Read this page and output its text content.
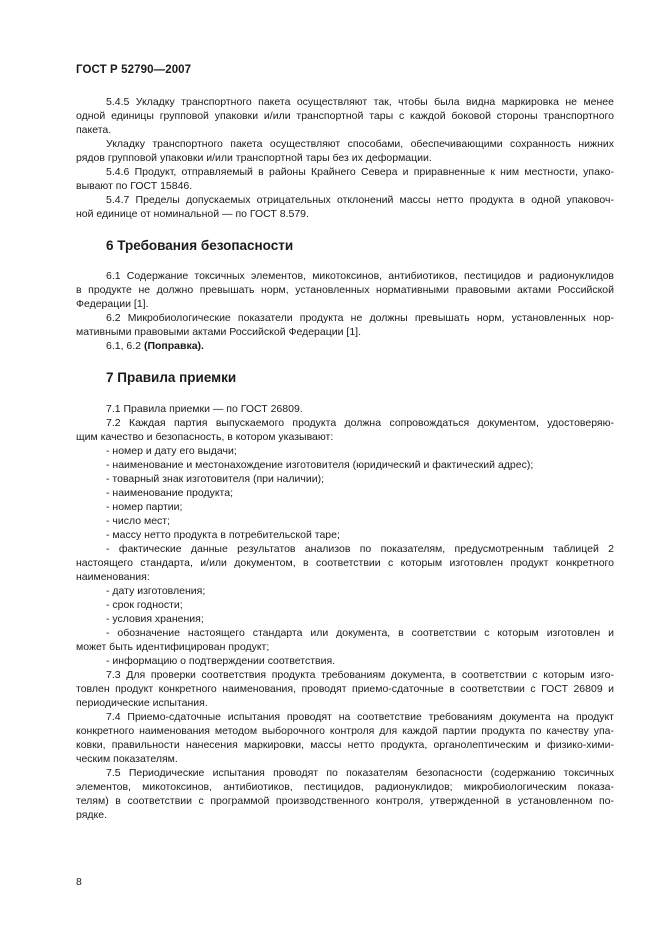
ГОСТ Р 52790—2007
5.4.5 Укладку транспортного пакета осуществляют так, чтобы была видна маркировка не менее
одной единицы групповой упаковки и/или транспортной тары с каждой боковой стороны транспортного
пакета.
Укладку транспортного пакета осуществляют способами, обеспечивающими сохранность нижних
рядов групповой упаковки и/или транспортной тары без их деформации.
5.4.6 Продукт, отправляемый в районы Крайнего Севера и приравненные к ним местности, упако-
вывают по ГОСТ 15846.
5.4.7 Пределы допускаемых отрицательных отклонений массы нетто продукта в одной упаковоч-
ной единице от номинальной — по ГОСТ 8.579.
6 Требования безопасности
6.1 Содержание токсичных элементов, микотоксинов, антибиотиков, пестицидов и радионуклидов
в продукте не должно превышать норм, установленных нормативными правовыми актами Российской
Федерации [1].
6.2 Микробиологические показатели продукта не должны превышать норм, установленных нор-
мативными правовыми актами Российской Федерации [1].
6.1, 6.2 (Поправка).
7 Правила приемки
7.1 Правила приемки — по ГОСТ 26809.
7.2 Каждая партия выпускаемого продукта должна сопровождаться документом, удостоверяю-
щим качество и безопасность, в котором указывают:
- номер и дату его выдачи;
- наименование и местонахождение изготовителя (юридический и фактический адрес);
- товарный знак изготовителя (при наличии);
- наименование продукта;
- номер партии;
- число мест;
- массу нетто продукта в потребительской таре;
- фактические данные результатов анализов по показателям, предусмотренным таблицей 2
настоящего стандарта, и/или документом, в соответствии с которым изготовлен продукт конкретного
наименования:
- дату изготовления;
- срок годности;
- условия хранения;
- обозначение настоящего стандарта или документа, в соответствии с которым изготовлен и
может быть идентифицирован продукт;
- информацию о подтверждении соответствия.
7.3 Для проверки соответствия продукта требованиям документа, в соответствии с которым изго-
товлен продукт конкретного наименования, проводят приемо-сдаточные в соответствии с ГОСТ 26809 и
периодические испытания.
7.4 Приемо-сдаточные испытания проводят на соответствие требованиям документа на продукт
конкретного наименования методом выборочного контроля для каждой партии продукта по качеству упа-
ковки, правильности нанесения маркировки, массы нетто продукта, органолептическим и физико-хими-
ческим показателям.
7.5 Периодические испытания проводят по показателям безопасности (содержанию токсичных
элементов, микотоксинов, антибиотиков, пестицидов, радионуклидов; микробиологическим показа-
телям) в соответствии с программой производственного контроля, утвержденной в установленном по-
рядке.
8
